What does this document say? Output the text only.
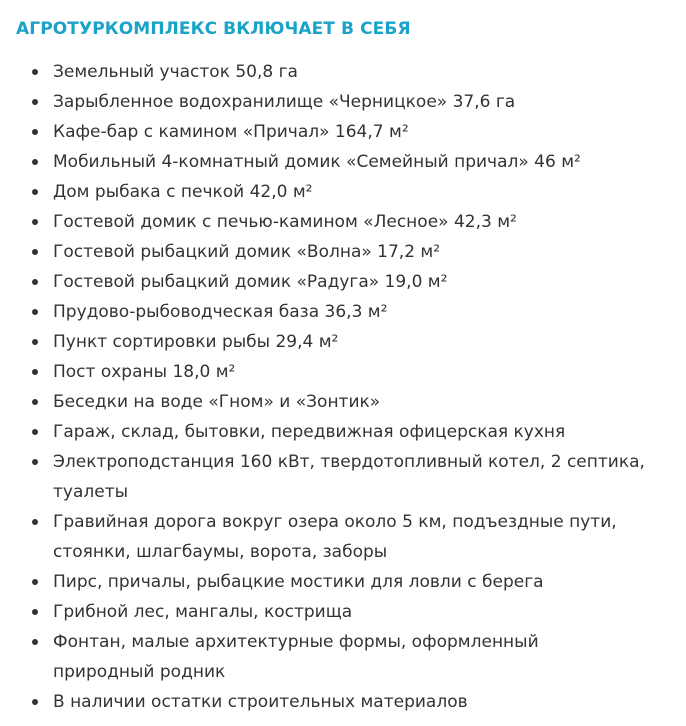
АГРОТУРКОМПЛЕКС ВКЛЮЧАЕТ В СЕБЯ
Земельный участок 50,8 га
Зарыбленное водохранилище «Черницкое» 37,6 га
Кафе-бар с камином «Причал» 164,7 м²
Мобильный 4-комнатный домик «Семейный причал» 46 м²
Дом рыбака с печкой 42,0 м²
Гостевой домик с печью-камином «Лесное» 42,3 м²
Гостевой рыбацкий домик «Волна» 17,2 м²
Гостевой рыбацкий домик «Радуга» 19,0 м²
Прудово-рыбоводческая база 36,3 м²
Пункт сортировки рыбы 29,4 м²
Пост охраны 18,0 м²
Беседки на воде «Гном» и «Зонтик»
Гараж, склад, бытовки, передвижная офицерская кухня
Электроподстанция 160 кВт, твердотопливный котел, 2 септика,
туалеты
Гравийная дорога вокруг озера около 5 км, подъездные пути,
стоянки, шлагбаумы, ворота, заборы
Пирс, причалы, рыбацкие мостики для ловли с берега
Грибной лес, мангалы, кострища
Фонтан, малые архитектурные формы, оформленный
природный родник
В наличии остатки строительных материалов
